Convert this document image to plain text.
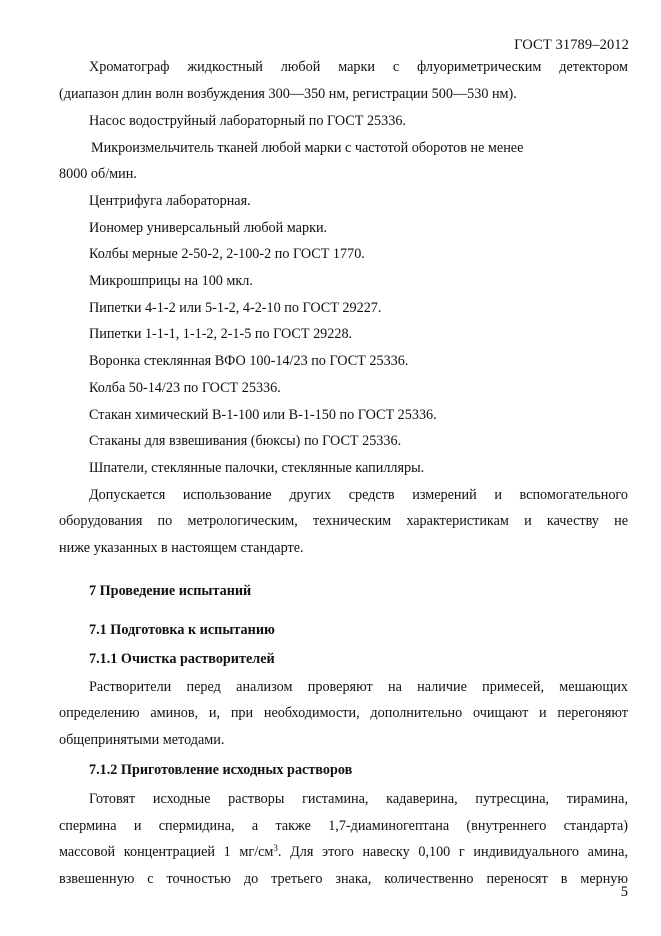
ГОСТ 31789–2012
Хроматограф жидкостный любой марки с флуориметрическим детектором
(диапазон длин волн возбуждения 300—350 нм, регистрации 500—530 нм).
Насос водоструйный лабораторный по ГОСТ 25336.
Микроизмельчитель тканей любой марки с частотой оборотов не менее
8000 об/мин.
Центрифуга лабораторная.
Иономер универсальный любой марки.
Колбы мерные 2-50-2, 2-100-2 по ГОСТ 1770.
Микрошприцы на 100 мкл.
Пипетки 4-1-2 или 5-1-2, 4-2-10 по ГОСТ 29227.
Пипетки 1-1-1, 1-1-2, 2-1-5 по ГОСТ 29228.
Воронка стеклянная ВФО 100-14/23 по ГОСТ 25336.
Колба 50-14/23 по ГОСТ 25336.
Стакан химический В-1-100 или В-1-150 по ГОСТ 25336.
Стаканы для взвешивания (бюксы) по ГОСТ 25336.
Шпатели, стеклянные палочки, стеклянные капилляры.
Допускается использование других средств измерений и вспомогательного
оборудования по метрологическим, техническим характеристикам и качеству не
ниже указанных в настоящем стандарте.
7 Проведение испытаний
7.1 Подготовка к испытанию
7.1.1 Очистка растворителей
Растворители перед анализом проверяют на наличие примесей, мешающих
определению аминов, и, при необходимости, дополнительно очищают и перегоняют
общепринятыми методами.
7.1.2 Приготовление исходных растворов
Готовят исходные растворы гистамина, кадаверина, путресцина, тирамина,
спермина и спермидина, а также 1,7-диаминогептана (внутреннего стандарта)
массовой концентрацией 1 $мг/см^3$. Для этого навеску 0,100 г индивидуального амина,
взвешенную с точностью до третьего знака, количественно переносят в мерную
5
